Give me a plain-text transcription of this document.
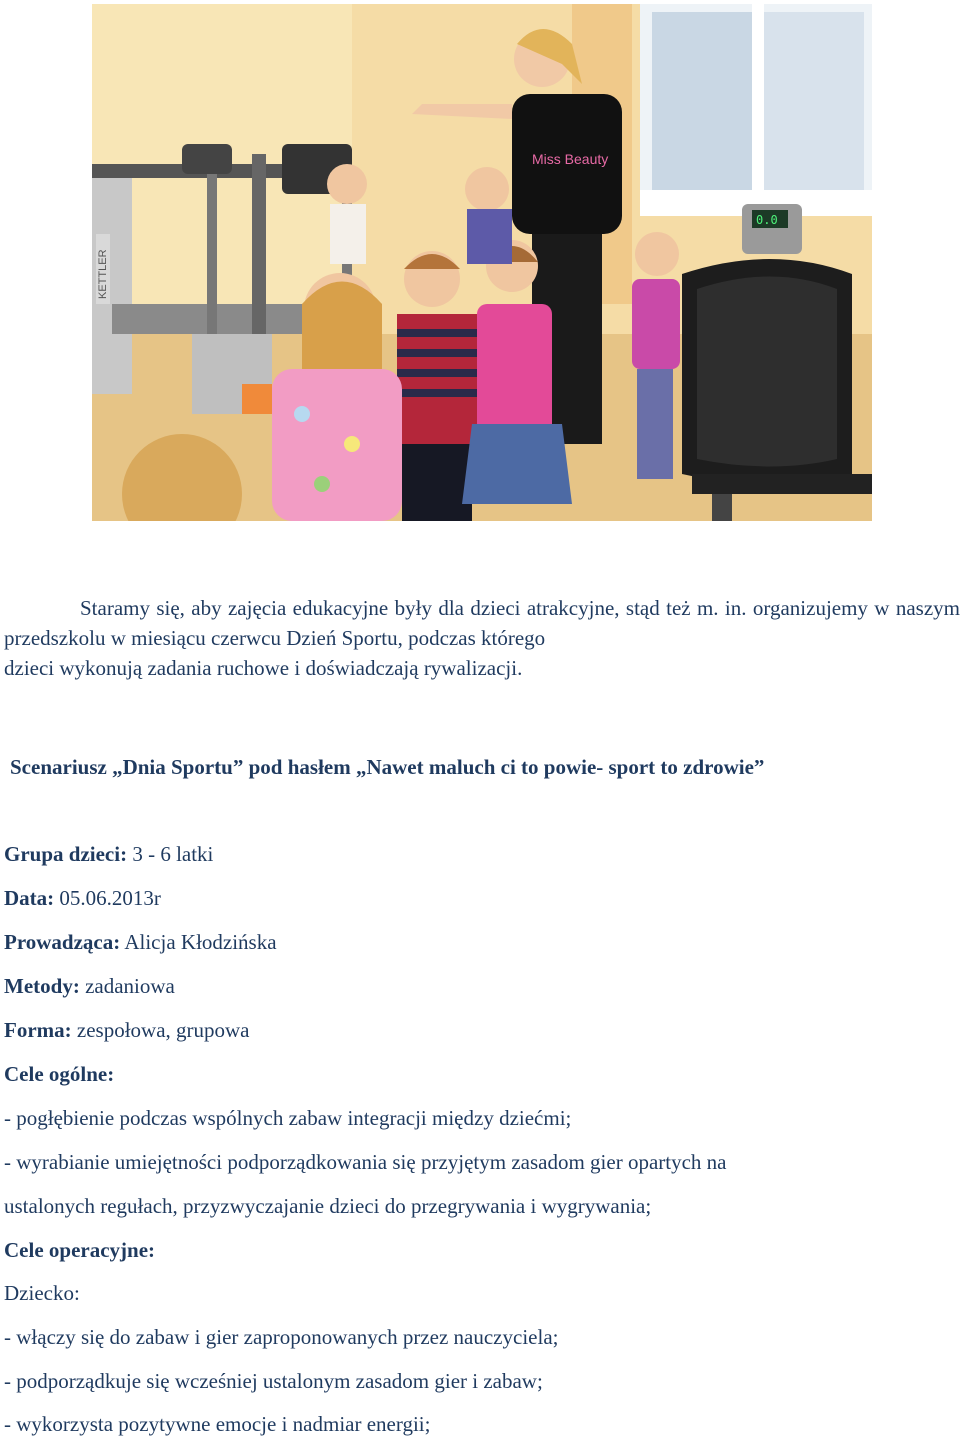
KETTLER
Miss Beauty
0.0

Staramy się, aby zajęcia edukacyjne były dla dzieci atrakcyjne, stąd też m. in. organizujemy w naszym przedszkolu w miesiącu czerwcu Dzień Sportu, podczas którego

dzieci wykonują zadania ruchowe i doświadczają rywalizacji.

Scenariusz „Dnia Sportu” pod hasłem „Nawet maluch ci to powie- sport to zdrowie”

Grupa dzieci: 3 - 6 latki

Data: 05.06.2013r

Prowadząca: Alicja Kłodzińska

Metody: zadaniowa

Forma: zespołowa, grupowa

Cele ogólne:

- pogłębienie podczas wspólnych zabaw integracji między dziećmi;

- wyrabianie umiejętności podporządkowania się przyjętym zasadom gier opartych na

ustalonych regułach, przyzwyczajanie dzieci do przegrywania i wygrywania;

Cele operacyjne:

Dziecko:

- włączy się do zabaw i gier zaproponowanych przez nauczyciela;

- podporządkuje się wcześniej ustalonym zasadom gier i zabaw;

- wykorzysta pozytywne emocje i nadmiar energii;
